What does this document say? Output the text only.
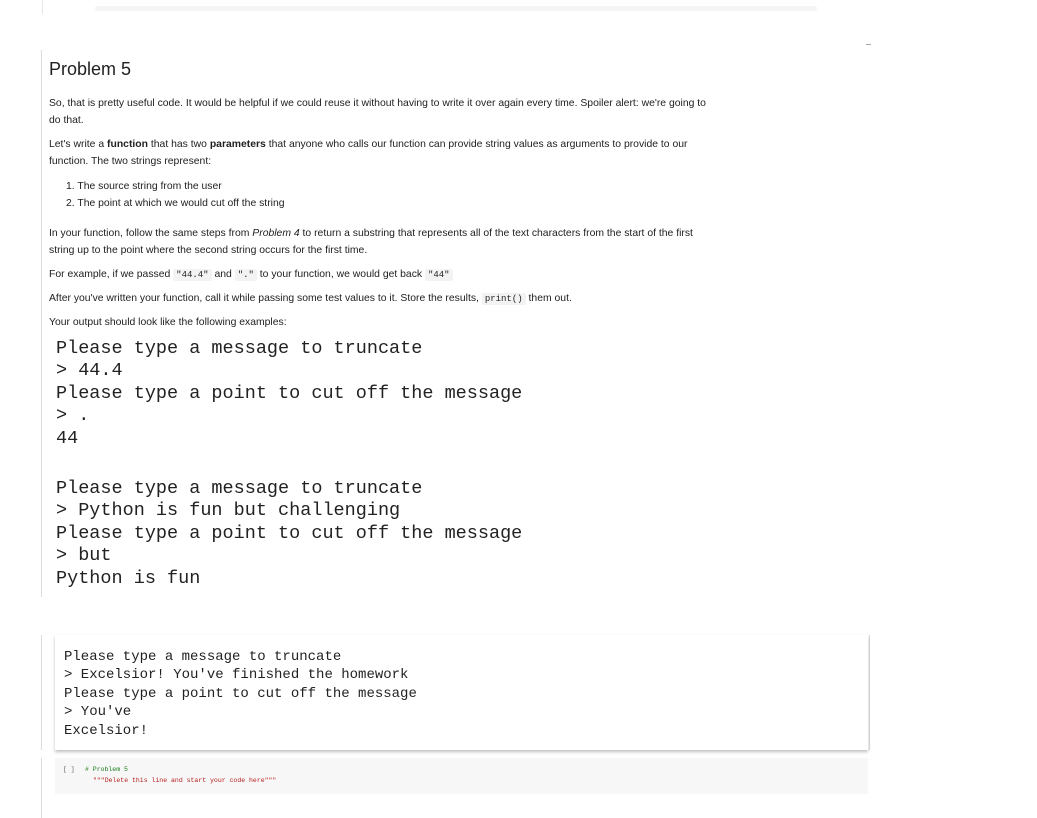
Problem 5

So, that is pretty useful code. It would be helpful if we could reuse it without having to write it over again every time. Spoiler alert: we're going to

do that.

Let's write a function that has two parameters that anyone who calls our function can provide string values as arguments to provide to our

function. The two strings represent:

1. The source string from the user
2. The point at which we would cut off the string

In your function, follow the same steps from Problem 4 to return a substring that represents all of the text characters from the start of the first

string up to the point where the second string occurs for the first time.

For example, if we passed "44.4" and "." to your function, we would get back "44"

After you've written your function, call it while passing some test values to it. Store the results, print() them out.

Your output should look like the following examples:

Please type a message to truncate
> 44.4
Please type a point to cut off the message
> .
44
Please type a message to truncate
> Python is fun but challenging
Please type a point to cut off the message
> but
Python is fun
Please type a message to truncate
> Excelsior! You've finished the homework
Please type a point to cut off the message
> You've
Excelsior!
[ ] # Problem 5
"""Delete this line and start your code here"""
